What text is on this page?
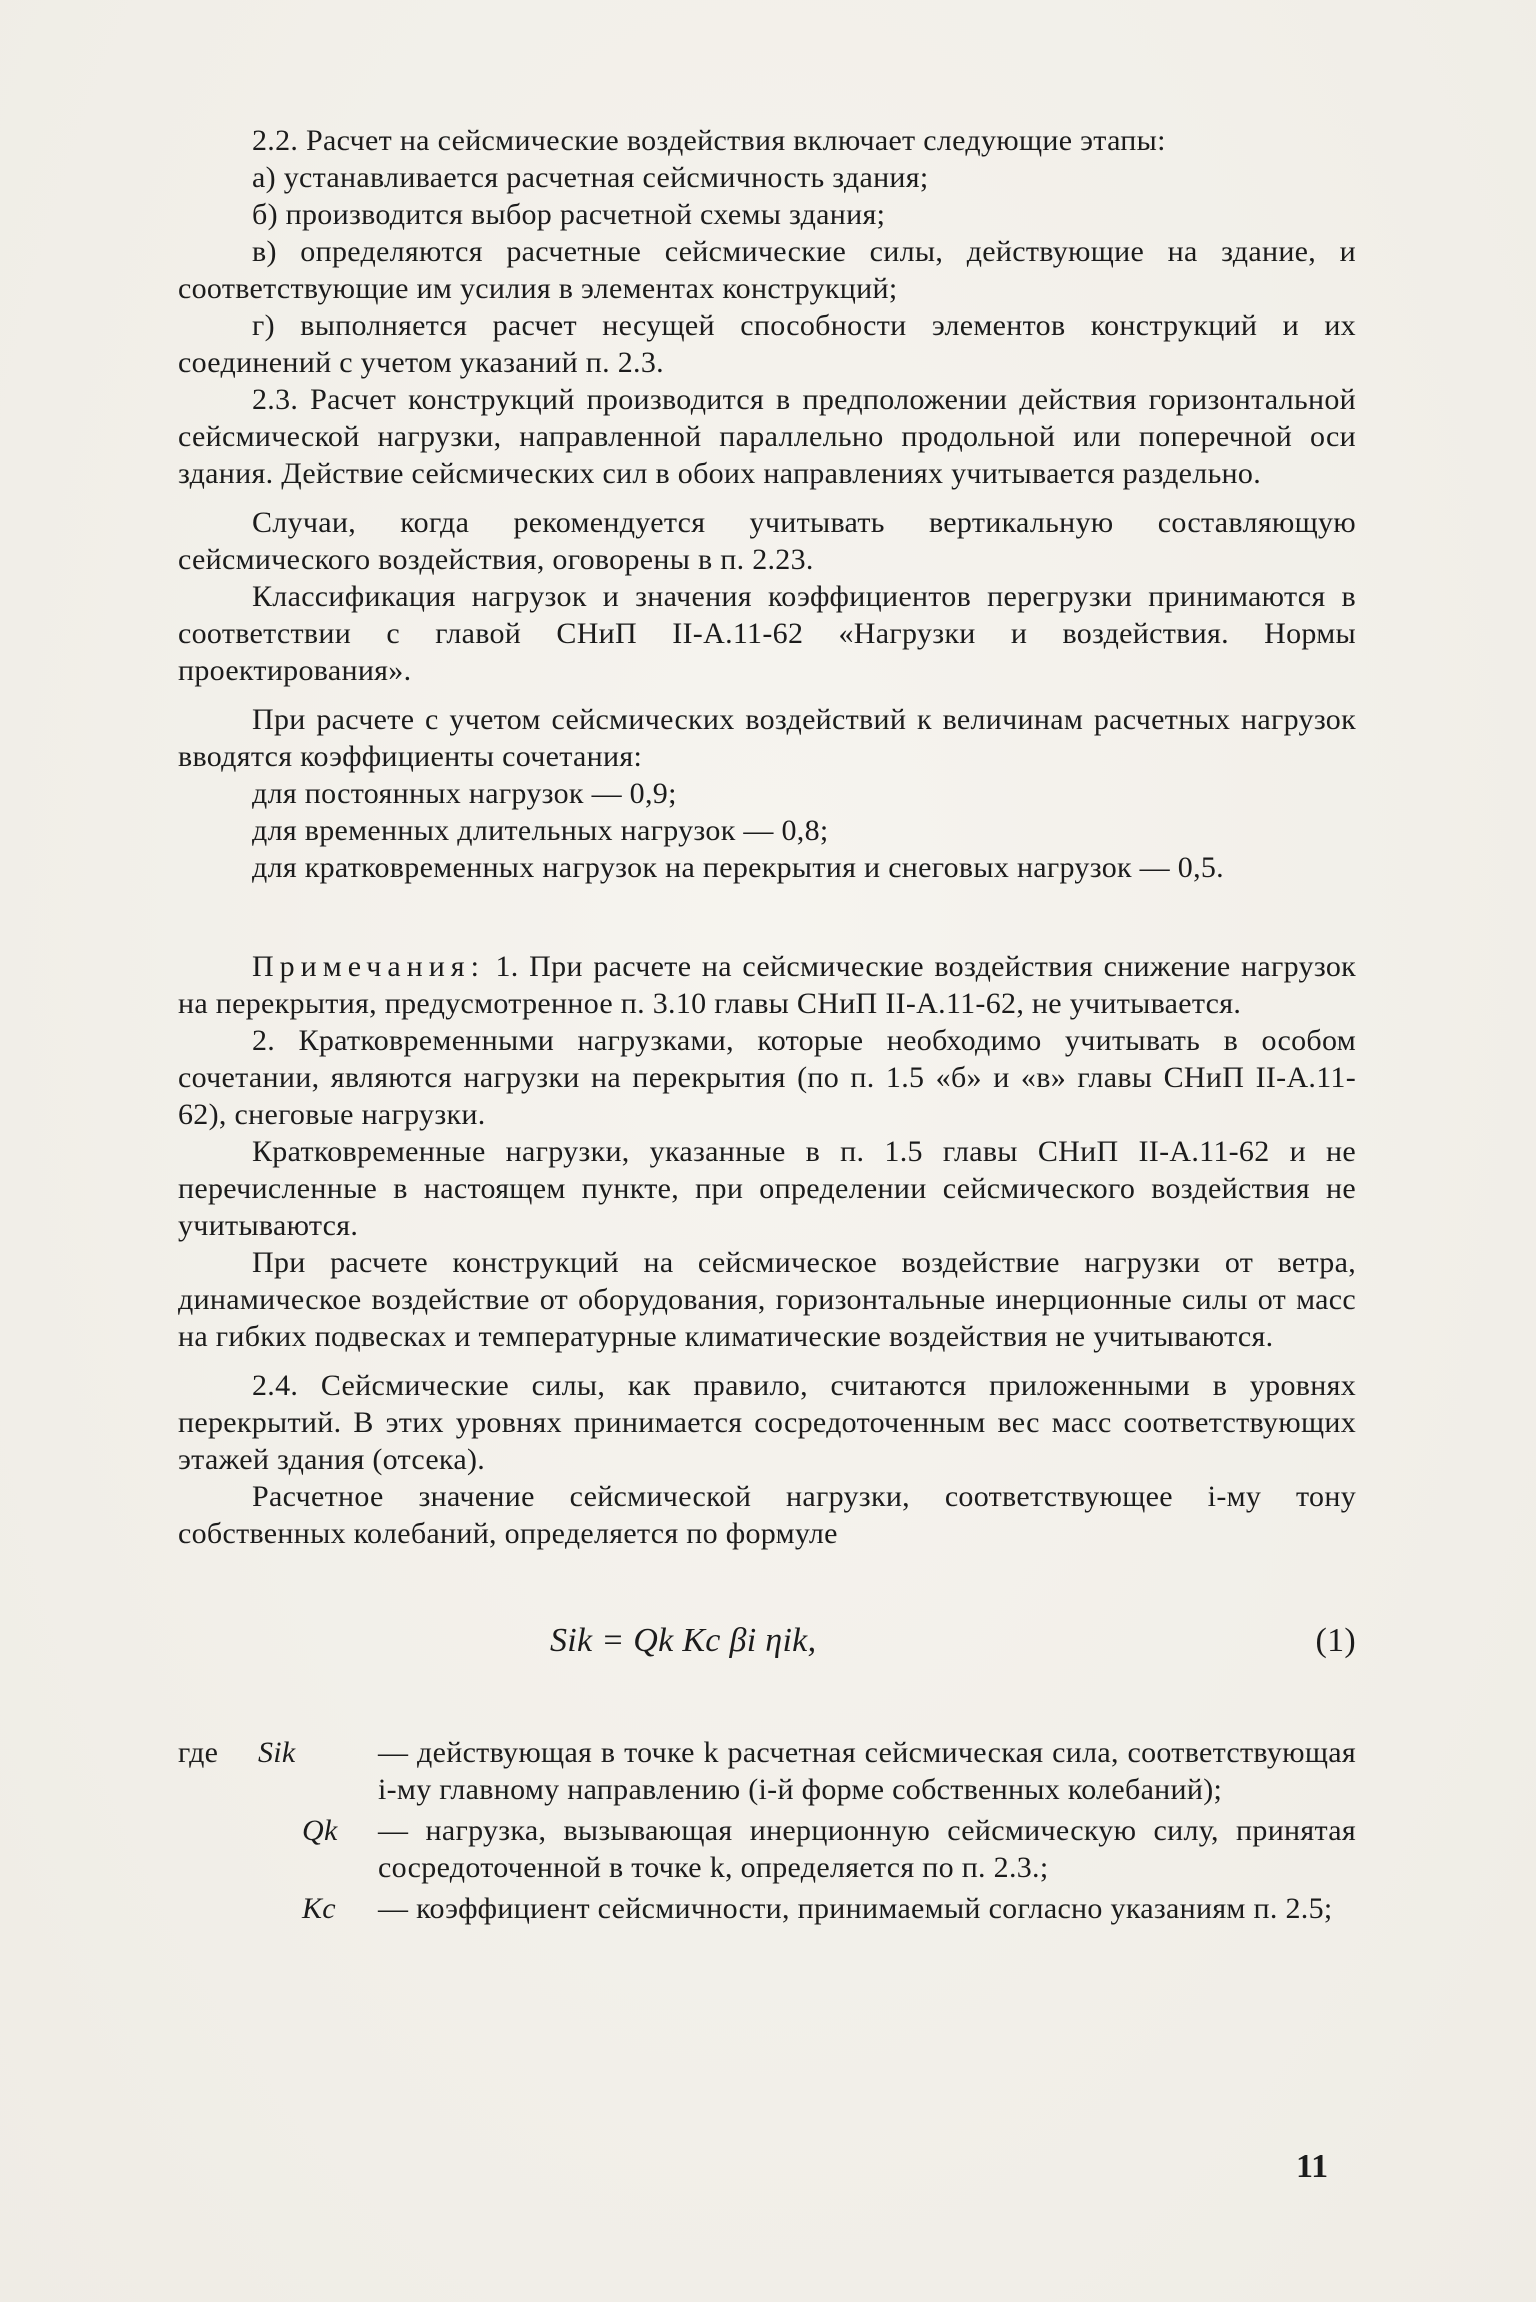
2.2. Расчет на сейсмические воздействия включает следующие этапы:

а) устанавливается расчетная сейсмичность здания;

б) производится выбор расчетной схемы здания;

в) определяются расчетные сейсмические силы, действующие на здание, и соответствующие им усилия в элементах конструкций;

г) выполняется расчет несущей способности элементов конструкций и их соединений с учетом указаний п. 2.3.

2.3. Расчет конструкций производится в предположении действия горизонтальной сейсмической нагрузки, направленной параллельно продольной или поперечной оси здания. Действие сейсмических сил в обоих направлениях учитывается раздельно.

Случаи, когда рекомендуется учитывать вертикальную составляющую сейсмического воздействия, оговорены в п. 2.23.

Классификация нагрузок и значения коэффициентов перегрузки принимаются в соответствии с главой СНиП II-А.11-62 «Нагрузки и воздействия. Нормы проектирования».

При расчете с учетом сейсмических воздействий к величинам расчетных нагрузок вводятся коэффициенты сочетания:

для постоянных нагрузок — 0,9;

для временных длительных нагрузок — 0,8;

для кратковременных нагрузок на перекрытия и снеговых нагрузок — 0,5.

Примечания: 1. При расчете на сейсмические воздействия снижение нагрузок на перекрытия, предусмотренное п. 3.10 главы СНиП II-А.11-62, не учитывается.

2. Кратковременными нагрузками, которые необходимо учитывать в особом сочетании, являются нагрузки на перекрытия (по п. 1.5 «б» и «в» главы СНиП II-А.11-62), снеговые нагрузки.

Кратковременные нагрузки, указанные в п. 1.5 главы СНиП II-А.11-62 и не перечисленные в настоящем пункте, при определении сейсмического воздействия не учитываются.

При расчете конструкций на сейсмическое воздействие нагрузки от ветра, динамическое воздействие от оборудования, горизонтальные инерционные силы от масс на гибких подвесках и температурные климатические воздействия не учитываются.

2.4. Сейсмические силы, как правило, считаются приложенными в уровнях перекрытий. В этих уровнях принимается сосредоточенным вес масс соответствующих этажей здания (отсека).

Расчетное значение сейсмической нагрузки, соответствующее i-му тону собственных колебаний, определяется по формуле

Sik = Qk Kc βi ηik,	(1)
где Sik	— действующая в точке k расчетная сейсмическая сила, соответствующая i-му главному направлению (i-й форме собственных колебаний);
Qk — нагрузка, вызывающая инерционную сейсмическую силу, принятая сосредоточенной в точке k, определяется по п. 2.3.;
Kc — коэффициент сейсмичности, принимаемый согласно указаниям п. 2.5;
11
